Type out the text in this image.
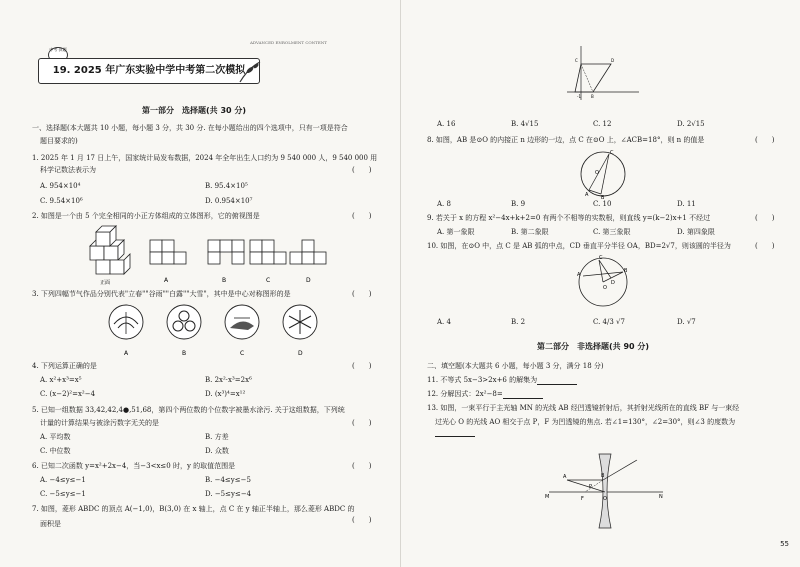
ADVANCED ENROLMENT CONTENT
中考·真题
19. 2025 年广东实验中学中考第二次模拟
第一部分　选择题(共 30 分)
一、选择题(本大题共 10 小题，每小题 3 分，共 30 分. 在每小题给出的四个选项中，只有一项是符合
题目要求的)
1. 2025 年 1 月 17 日上午，国家统计局发布数据，2024 年全年出生人口约为 9 540 000 人，9 540 000 用
科学记数法表示为	(　　)
A. 954×10⁴	B. 95.4×10⁵
C. 9.54×10⁶	D. 0.954×10⁷
2. 如图是一个由 5 个完全相同的小正方体组成的立体图形，它的俯视图是	(　　)
正面	A	B	C	D
3. 下列四幅节气作品分别代表"立春""谷雨""白露""大雪"，其中是中心对称图形的是	(　　)
A	B	C	D
4. 下列运算正确的是	(　　)
A. x²+x³=x⁵	B. 2x²·x³=2x⁶
C. (x−2)²=x²−4	D. (x³)⁴=x¹²
5. 已知一组数据 33,42,42,4●,51,68，第四个两位数的个位数字被墨水涂污. 关于这组数据，下列统
计量的计算结果与被涂污数字无关的是	(　　)
A. 平均数	B. 方差
C. 中位数	D. 众数
6. 已知二次函数 y=x²+2x−4，当−3<x≤0 时，y 的取值范围是	(　　)
A. −4≤y≤−1	B. −4≤y≤−5
C. −5≤y≤−1	D. −5≤y≤−4
7. 如图，菱形 ABDC 的顶点 A(−1,0)，B(3,0) 在 x 轴上，点 C 在 y 轴正半轴上，那么菱形 ABDC 的
面积是	(　　)
-1	B
D
C
A. 16	B. 4√15	C. 12	D. 2√15
8. 如图，AB 是⊙O 的内接正 n 边形的一边，点 C 在⊙O 上，∠ACB=18°，则 n 的值是	(　　)
O
A	B
C
A. 8	B. 9	C. 10	D. 11
9. 若关于 x 的方程 x²−4x+k+2=0 有两个不相等的实数根，则直线 y=(k−2)x+1 不经过	(　　)
A. 第一象限	B. 第二象限	C. 第三象限	D. 第四象限
10. 如图，在⊙O 中，点 C 是 AB 弧的中点，CD 垂直平分半径 OA，BD=2√7，则该圆的半径为	(　　)
A
C
B
O
D
A. 4	B. 2	C. 4/3 √7	D. √7
第二部分　非选择题(共 90 分)
二、填空题(本大题共 6 小题，每小题 3 分，满分 18 分)
11. 不等式 5x−3>2x+6 的解集为
12. 分解因式：2x²−8=
13. 如图，一束平行于主光轴 MN 的光线 AB 经凹透镜折射后，其折射光线所在的直线 BF 与一束经
过光心 O 的光线 AO 相交于点 P，F 为凹透镜的焦点. 若∠1=130°，∠2=30°，则∠3 的度数为
M	N
A	B
O
F
P
55
